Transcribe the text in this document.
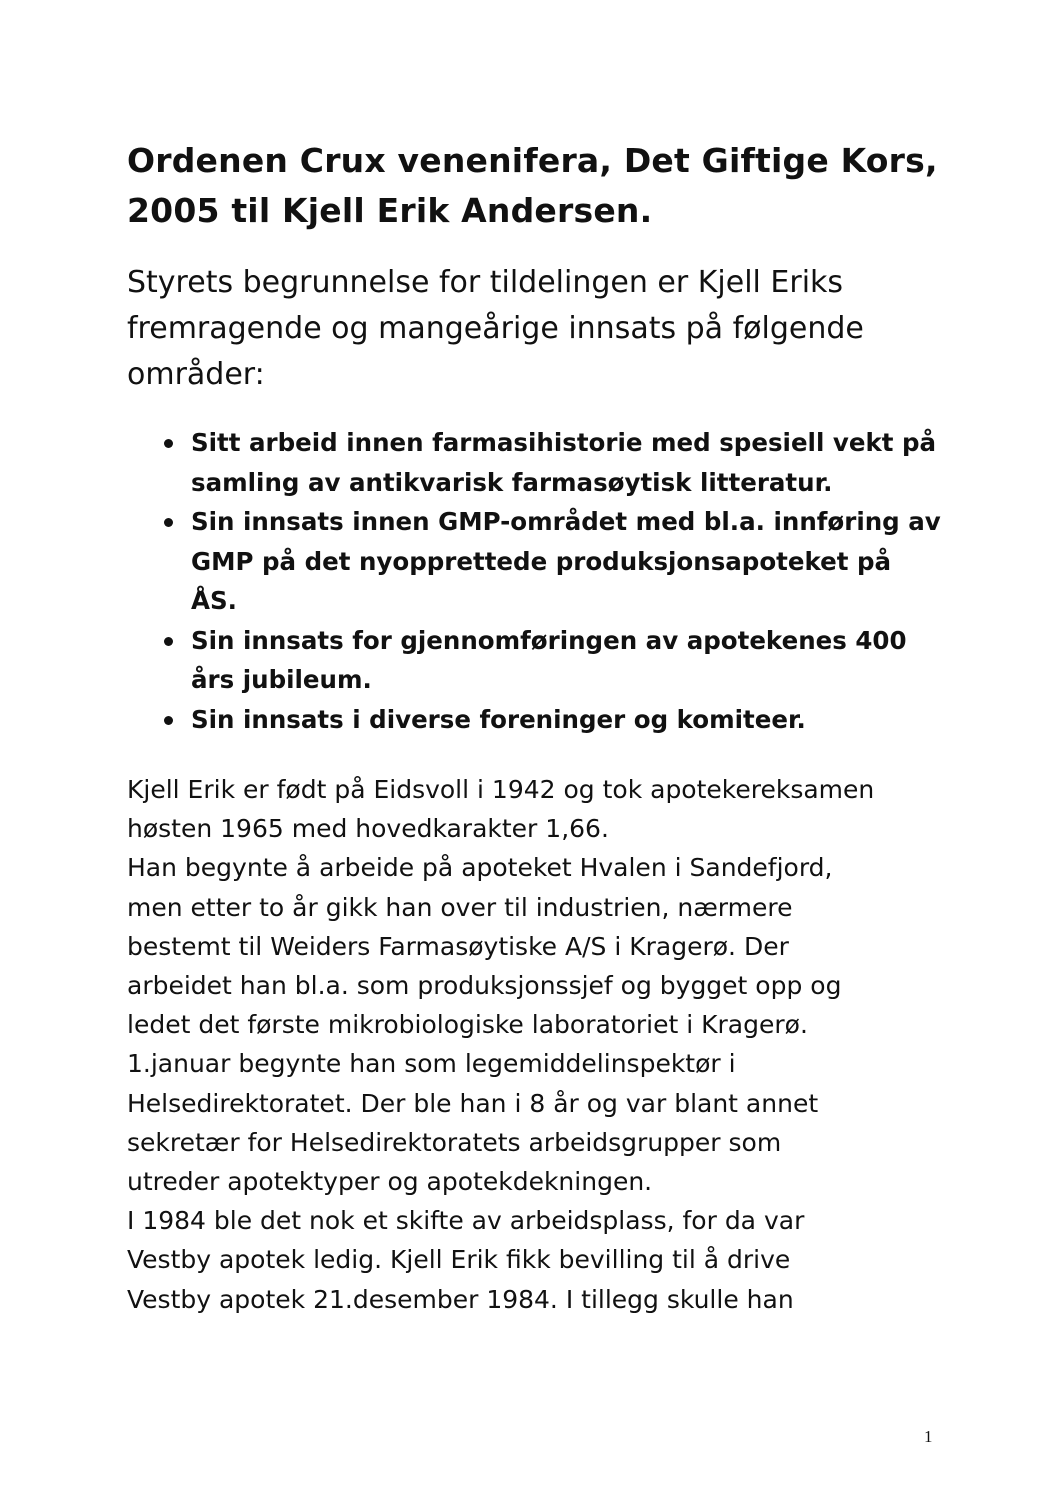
Ordenen Crux venenifera, Det Giftige Kors,
2005 til Kjell Erik Andersen.

Styrets begrunnelse for tildelingen er Kjell Eriks
fremragende og mangeårige innsats på følgende
områder:

Sitt arbeid innen farmasihistorie med spesiell vekt på
samling av antikvarisk farmasøytisk litteratur.
Sin innsats innen GMP-området med bl.a. innføring av
GMP på det nyopprettede produksjonsapoteket på
ÅS.
Sin innsats for gjennomføringen av apotekenes 400
års jubileum.
Sin innsats i diverse foreninger og komiteer.

Kjell Erik er født på Eidsvoll i 1942 og tok apotekereksamen
høsten 1965 med hovedkarakter 1,66.
Han begynte å arbeide på apoteket Hvalen i Sandefjord,
men etter to år gikk han over til industrien, nærmere
bestemt til Weiders Farmasøytiske A/S i Kragerø. Der
arbeidet han bl.a. som produksjonssjef og bygget opp og
ledet det første mikrobiologiske laboratoriet i Kragerø.
1.januar begynte han som legemiddelinspektør i
Helsedirektoratet. Der ble han i 8 år og var blant annet
sekretær for Helsedirektoratets arbeidsgrupper som
utreder apotektyper og apotekdekningen.
I 1984 ble det nok et skifte av arbeidsplass, for da var
Vestby apotek ledig. Kjell Erik fikk bevilling til å drive
Vestby apotek 21.desember 1984. I tillegg skulle han

1
